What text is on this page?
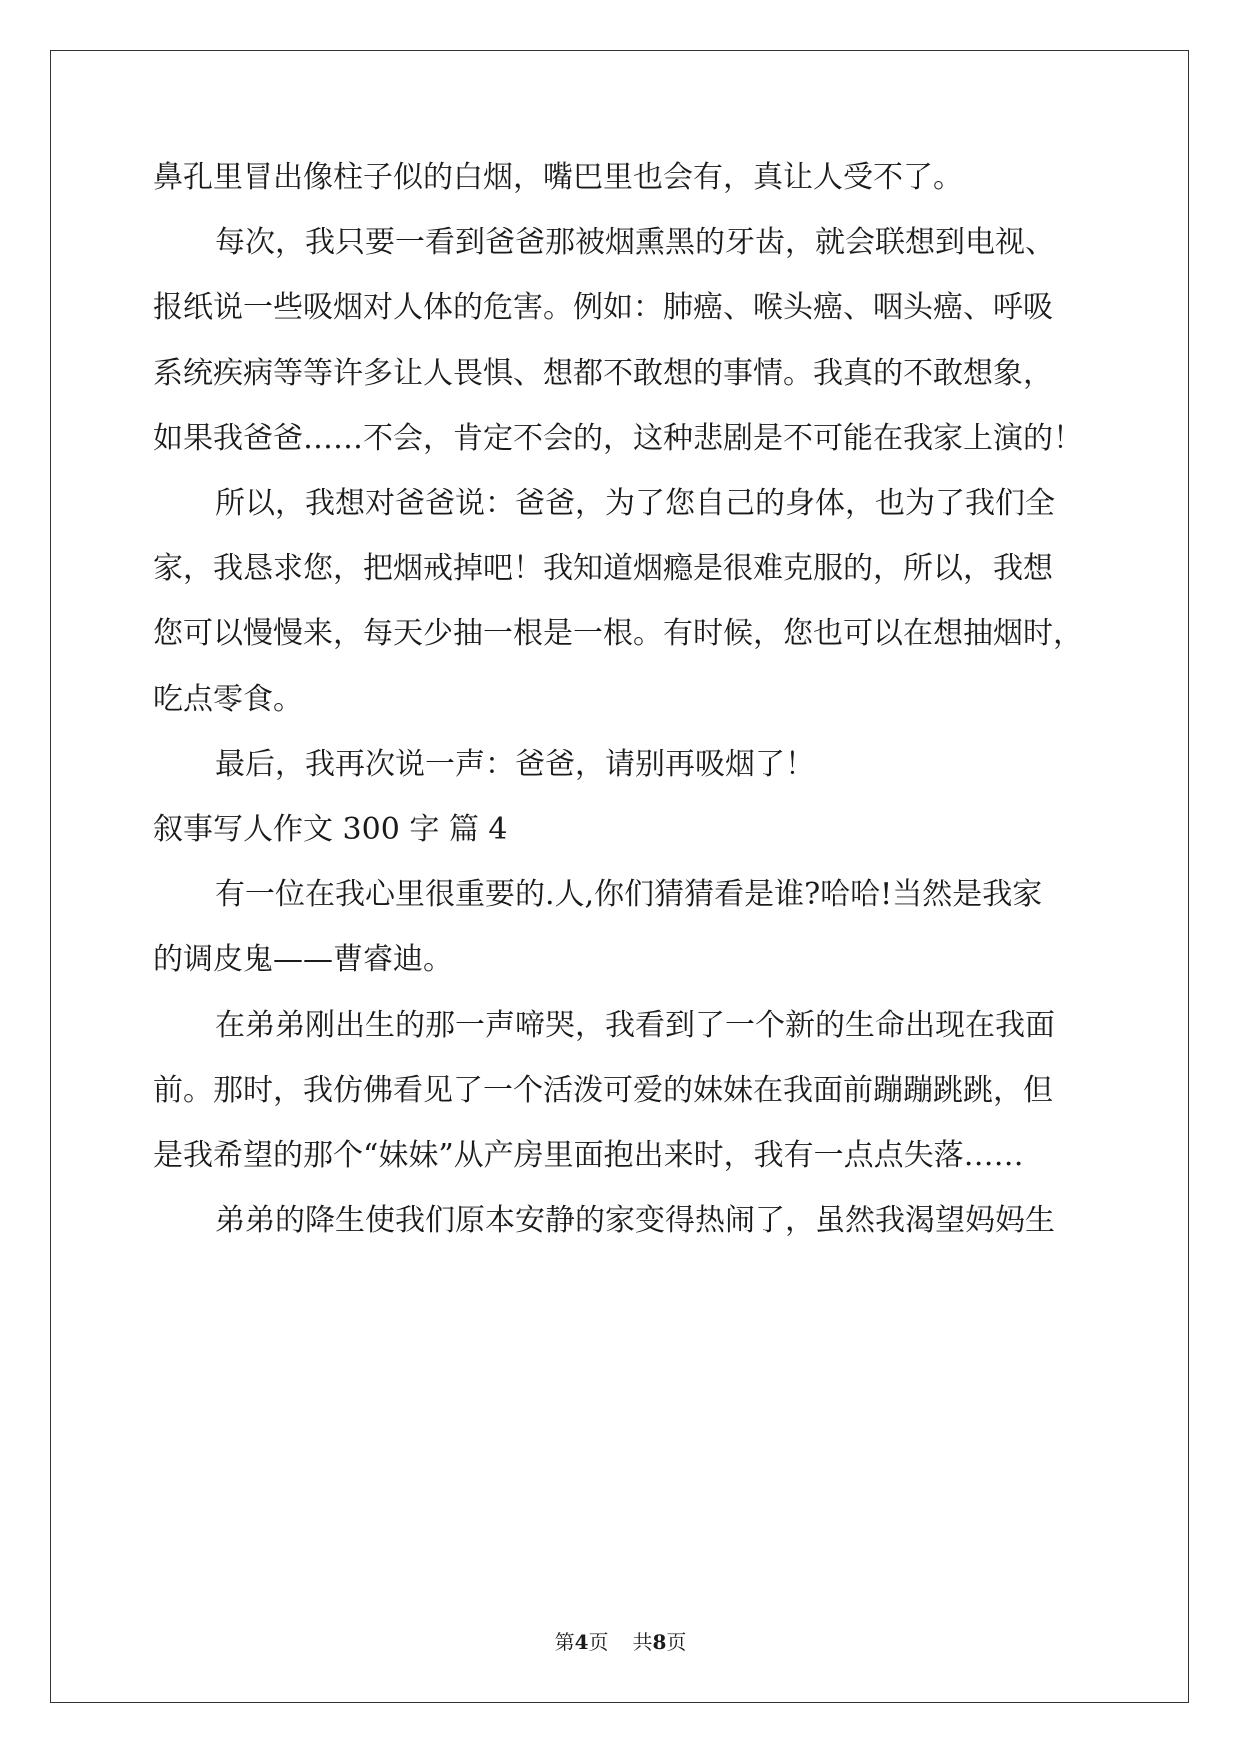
鼻孔里冒出像柱子似的白烟，嘴巴里也会有，真让人受不了。
每次，我只要一看到爸爸那被烟熏黑的牙齿，就会联想到电视、
报纸说一些吸烟对人体的危害。例如：肺癌、喉头癌、咽头癌、呼吸
系统疾病等等许多让人畏惧、想都不敢想的事情。我真的不敢想象，
如果我爸爸……不会，肯定不会的，这种悲剧是不可能在我家上演的！
所以，我想对爸爸说：爸爸，为了您自己的身体，也为了我们全
家，我恳求您，把烟戒掉吧！我知道烟瘾是很难克服的，所以，我想
您可以慢慢来，每天少抽一根是一根。有时候，您也可以在想抽烟时，
吃点零食。
最后，我再次说一声：爸爸，请别再吸烟了！
叙事写人作文 300 字 篇 4
有一位在我心里很重要的.人,你们猜猜看是谁?哈哈!当然是我家
的调皮鬼——曹睿迪。
在弟弟刚出生的那一声啼哭，我看到了一个新的生命出现在我面
前。那时，我仿佛看见了一个活泼可爱的妹妹在我面前蹦蹦跳跳，但
是我希望的那个“妹妹”从产房里面抱出来时，我有一点点失落……
弟弟的降生使我们原本安静的家变得热闹了，虽然我渴望妈妈生
第4页 共8页
